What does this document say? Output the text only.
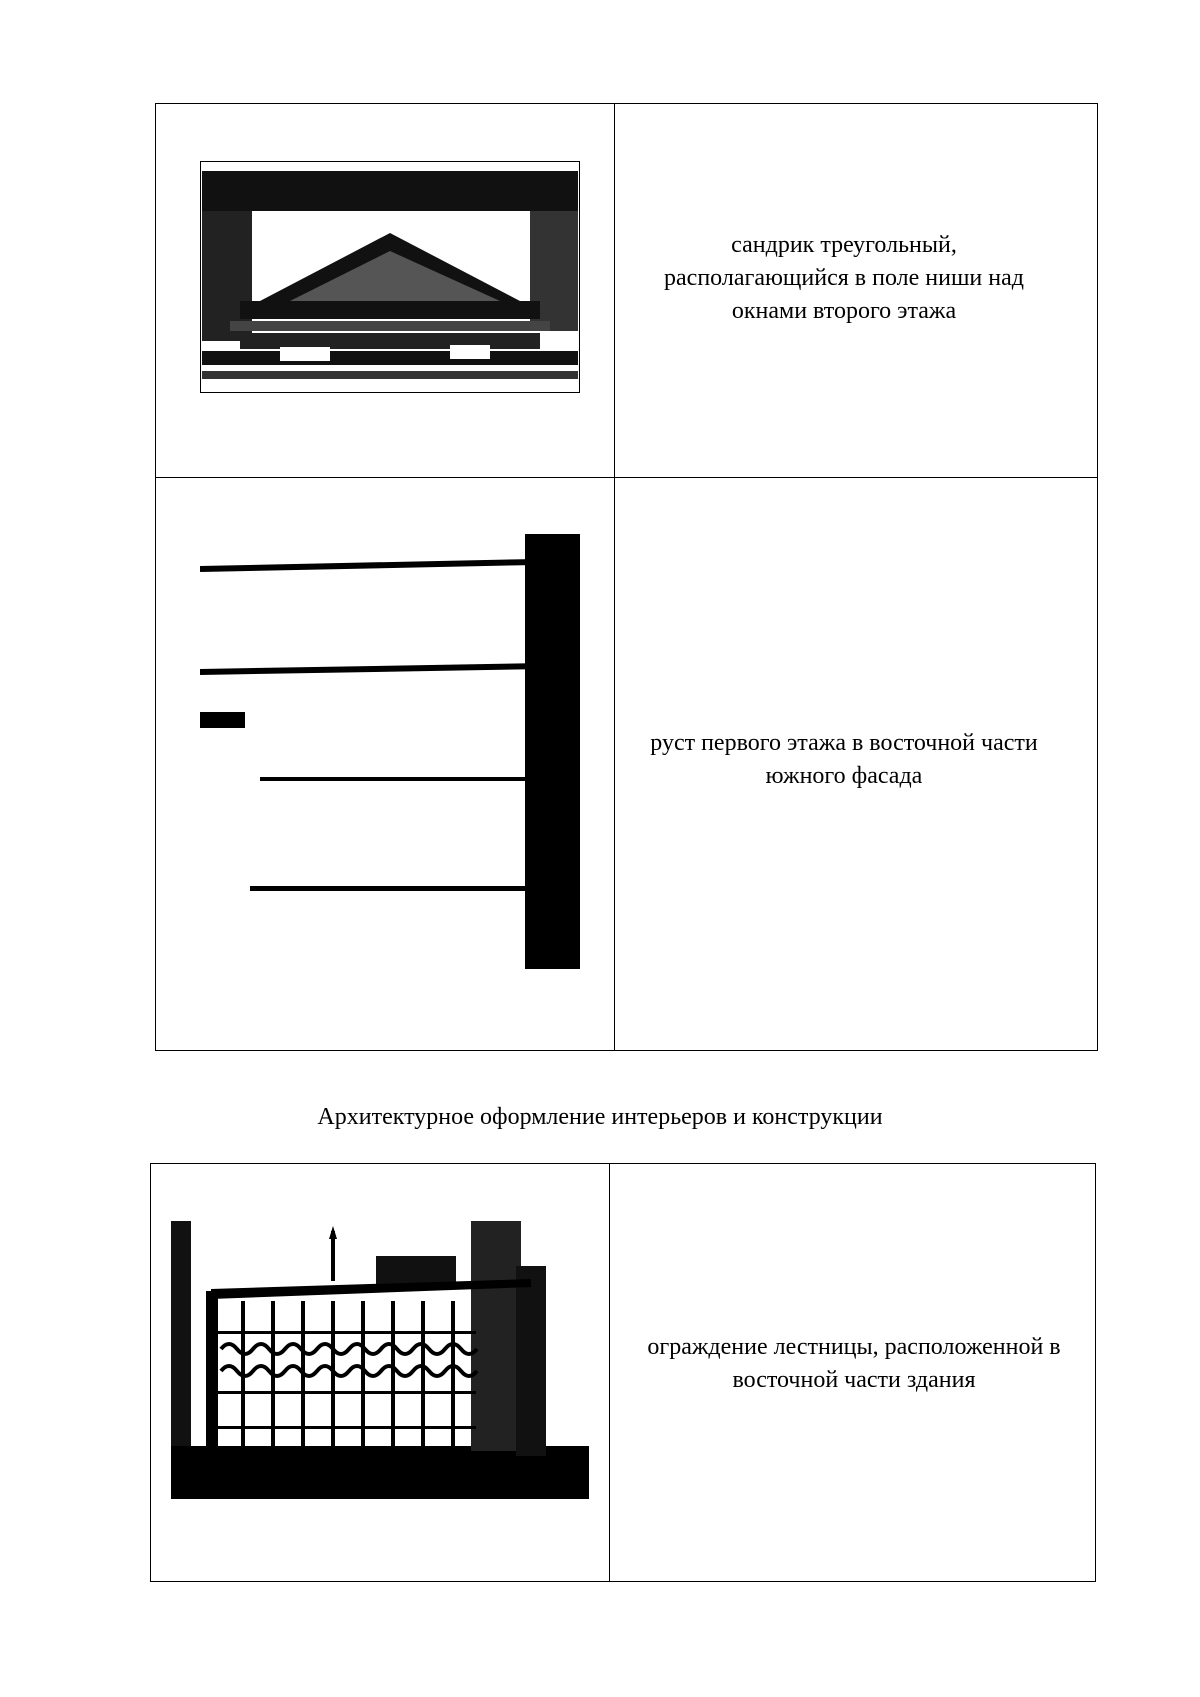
сандрик треугольный, располагающийся в поле ниши над окнами второго этажа
руст первого этажа в восточной части южного фасада
Архитектурное оформление интерьеров и конструкции
ограждение лестницы, расположенной в восточной части здания
